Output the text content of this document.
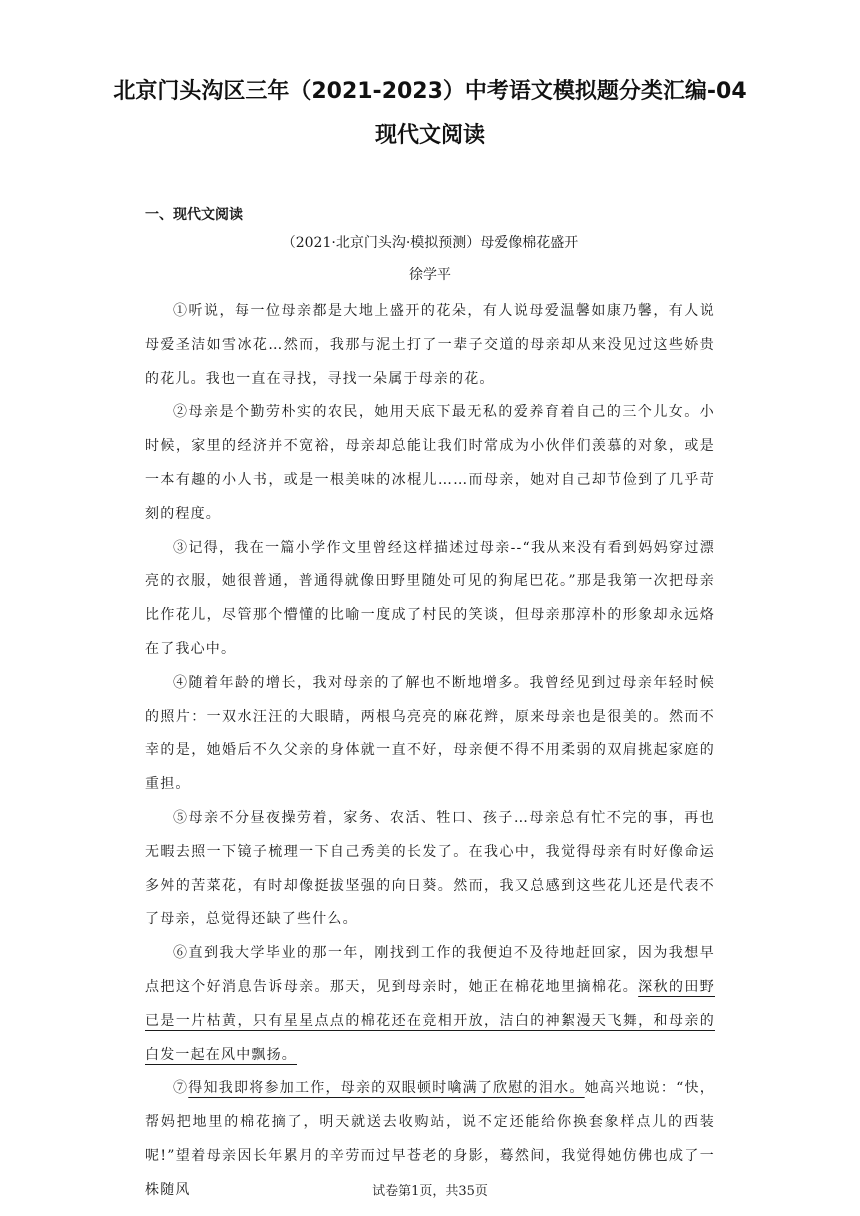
北京门头沟区三年（2021-2023）中考语文模拟题分类汇编-04
现代文阅读
一、现代文阅读
（2021·北京门头沟·模拟预测）母爱像棉花盛开
徐学平

①听说，每一位母亲都是大地上盛开的花朵，有人说母爱温馨如康乃馨，有人说母爱圣洁如雪冰花…然而，我那与泥土打了一辈子交道的母亲却从来没见过这些娇贵的花儿。我也一直在寻找，寻找一朵属于母亲的花。

②母亲是个勤劳朴实的农民，她用天底下最无私的爱养育着自己的三个儿女。小时候，家里的经济并不宽裕，母亲却总能让我们时常成为小伙伴们羡慕的对象，或是一本有趣的小人书，或是一根美味的冰棍儿……而母亲，她对自己却节俭到了几乎苛刻的程度。

③记得，我在一篇小学作文里曾经这样描述过母亲--“我从来没有看到妈妈穿过漂亮的衣服，她很普通，普通得就像田野里随处可见的狗尾巴花。”那是我第一次把母亲比作花儿，尽管那个懵懂的比喻一度成了村民的笑谈，但母亲那淳朴的形象却永远烙在了我心中。

④随着年龄的增长，我对母亲的了解也不断地增多。我曾经见到过母亲年轻时候的照片：一双水汪汪的大眼睛，两根乌亮亮的麻花辫，原来母亲也是很美的。然而不幸的是，她婚后不久父亲的身体就一直不好，母亲便不得不用柔弱的双肩挑起家庭的重担。

⑤母亲不分昼夜操劳着，家务、农活、牲口、孩子…母亲总有忙不完的事，再也无暇去照一下镜子梳理一下自己秀美的长发了。在我心中，我觉得母亲有时好像命运多舛的苦菜花，有时却像挺拔坚强的向日葵。然而，我又总感到这些花儿还是代表不了母亲，总觉得还缺了些什么。

⑥直到我大学毕业的那一年，刚找到工作的我便迫不及待地赶回家，因为我想早点把这个好消息告诉母亲。那天，见到母亲时，她正在棉花地里摘棉花。深秋的田野已是一片枯黄，只有星星点点的棉花还在竞相开放，洁白的神絮漫天飞舞，和母亲的白发一起在风中飘扬。

⑦得知我即将参加工作，母亲的双眼顿时噙满了欣慰的泪水。她高兴地说：“快，帮妈把地里的棉花摘了，明天就送去收购站，说不定还能给你换套象样点儿的西装呢!”望着母亲因长年累月的辛劳而过早苍老的身影，蓦然间，我觉得她仿佛也成了一株随风	试卷第1页，共35页
